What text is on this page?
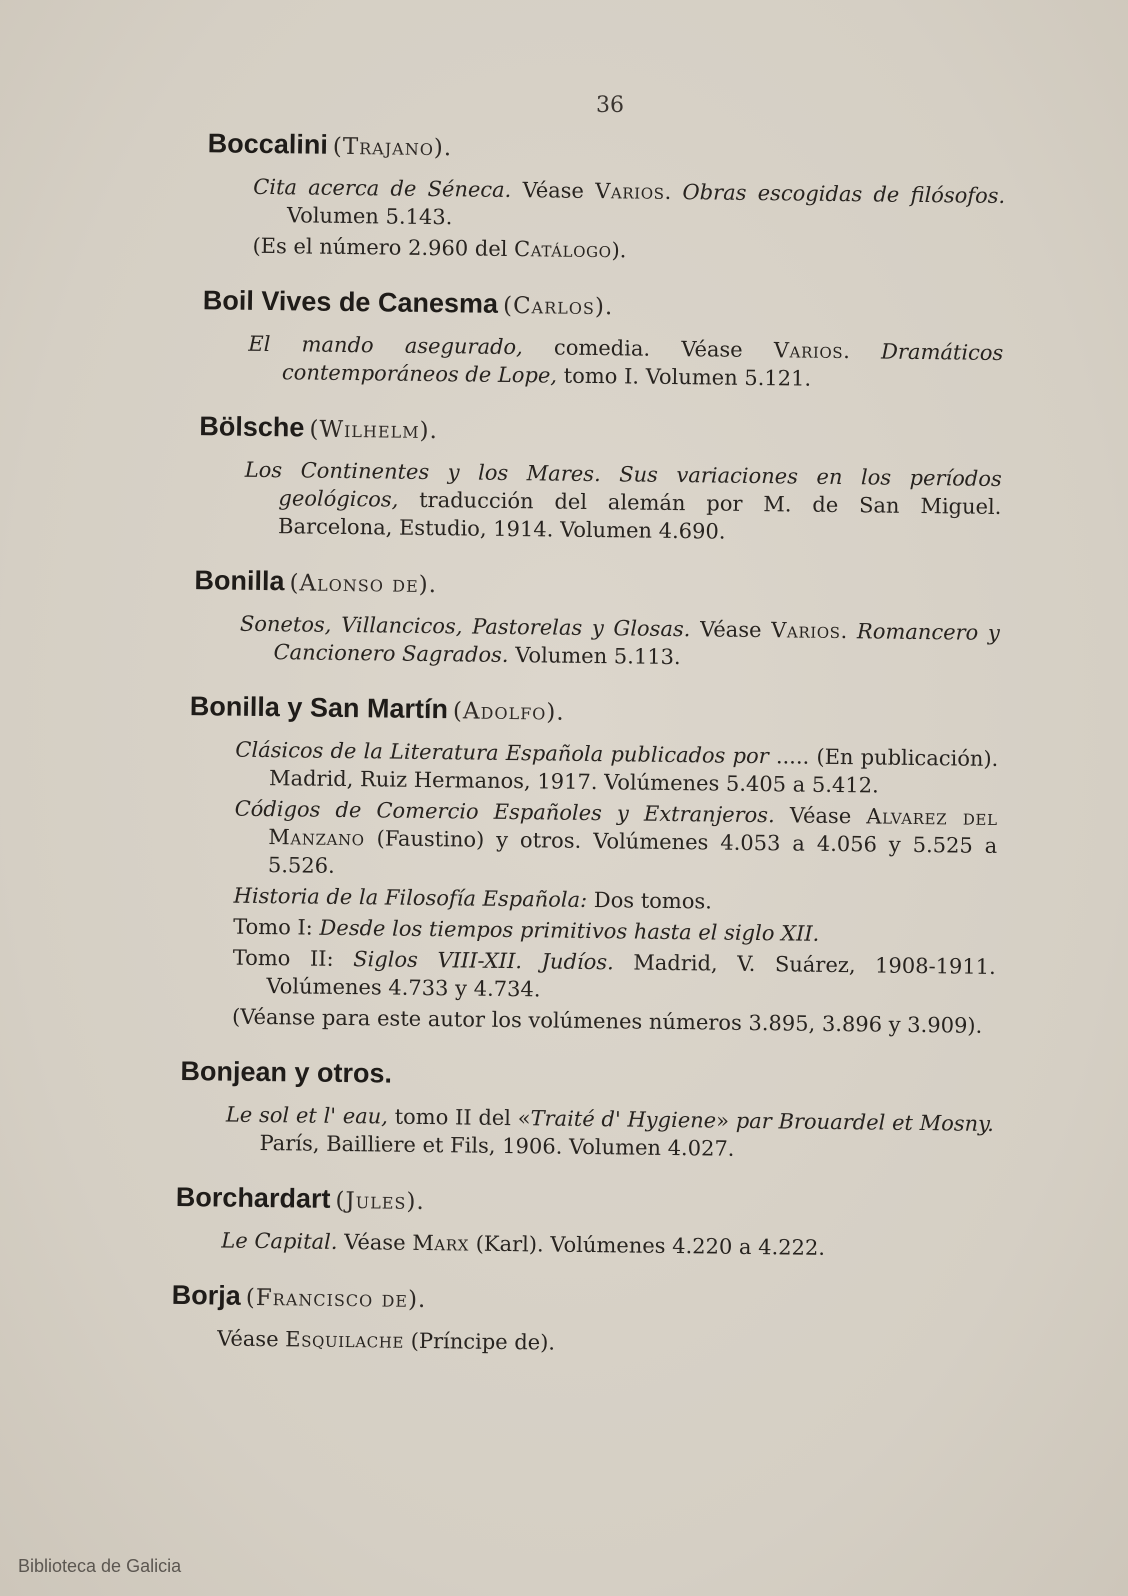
36
Boccalini (Trajano).
Cita acerca de Séneca. Véase Varios. Obras escogidas de filósofos. Volumen 5.143.
(Es el número 2.960 del Catálogo).
Boil Vives de Canesma (Carlos).
El mando asegurado, comedia. Véase Varios. Dramáticos contemporáneos de Lope, tomo I. Volumen 5.121.
Bölsche (Wilhelm).
Los Continentes y los Mares. Sus variaciones en los períodos geológicos, traducción del alemán por M. de San Miguel. Barcelona, Estudio, 1914. Volumen 4.690.
Bonilla (Alonso de).
Sonetos, Villancicos, Pastorelas y Glosas. Véase Varios. Romancero y Cancionero Sagrados. Volumen 5.113.
Bonilla y San Martín (Adolfo).
Clásicos de la Literatura Española publicados por ..... (En publicación). Madrid, Ruiz Hermanos, 1917. Volúmenes 5.405 a 5.412.
Códigos de Comercio Españoles y Extranjeros. Véase Alvarez del Manzano (Faustino) y otros. Volúmenes 4.053 a 4.056 y 5.525 a 5.526.
Historia de la Filosofía Española: Dos tomos.
Tomo I: Desde los tiempos primitivos hasta el siglo XII.
Tomo II: Siglos VIII-XII. Judíos. Madrid, V. Suárez, 1908-1911. Volúmenes 4.733 y 4.734.
(Véanse para este autor los volúmenes números 3.895, 3.896 y 3.909).
Bonjean y otros.
Le sol et l' eau, tomo II del «Traité d' Hygiene» par Brouardel et Mosny. París, Bailliere et Fils, 1906. Volumen 4.027.
Borchardart (Jules).
Le Capital. Véase Marx (Karl). Volúmenes 4.220 a 4.222.
Borja (Francisco de).
Véase Esquilache (Príncipe de).
Biblioteca de Galicia
